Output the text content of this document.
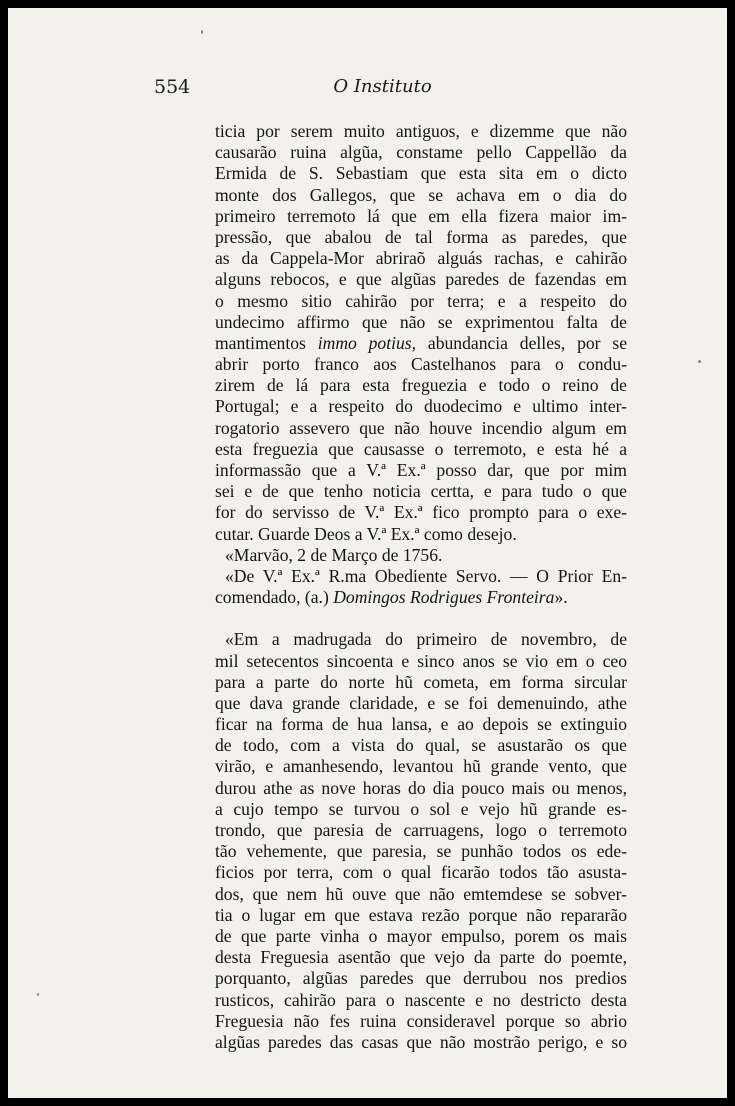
554	O Instituto
ticia por serem muito antiguos, e dizemme que não
causarão ruina algũa, constame pello Cappellão da
Ermida de S. Sebastiam que esta sita em o dicto
monte dos Gallegos, que se achava em o dia do
primeiro terremoto lá que em ella fizera maior im-
pressão, que abalou de tal forma as paredes, que
as da Cappela-Mor abriraõ alguás rachas, e cahirão
alguns rebocos, e que algũas paredes de fazendas em
o mesmo sitio cahirão por terra; e a respeito do
undecimo affirmo que não se exprimentou falta de
mantimentos immo potius, abundancia delles, por se
abrir porto franco aos Castelhanos para o condu-
zirem de lá para esta freguezia e todo o reino de
Portugal; e a respeito do duodecimo e ultimo inter-
rogatorio assevero que não houve incendio algum em
esta freguezia que causasse o terremoto, e esta hé a
informassão que a V.ª Ex.ª posso dar, que por mim
sei e de que tenho noticia certta, e para tudo o que
for do servisso de V.ª Ex.ª fico prompto para o exe-
cutar. Guarde Deos a V.ª Ex.ª como desejo.
«Marvão, 2 de Março de 1756.
«De V.ª Ex.ª R.ma Obediente Servo. — O Prior En-
comendado, (a.) Domingos Rodrigues Fronteira».
«Em a madrugada do primeiro de novembro, de
mil setecentos sincoenta e sinco anos se vio em o ceo
para a parte do norte hũ cometa, em forma sircular
que dava grande claridade, e se foi demenuindo, athe
ficar na forma de hua lansa, e ao depois se extinguio
de todo, com a vista do qual, se asustarão os que
virão, e amanhesendo, levantou hũ grande vento, que
durou athe as nove horas do dia pouco mais ou menos,
a cujo tempo se turvou o sol e vejo hũ grande es-
trondo, que paresia de carruagens, logo o terremoto
tão vehemente, que paresia, se punhão todos os ede-
ficios por terra, com o qual ficarão todos tão asusta-
dos, que nem hũ ouve que não emtemdese se sobver-
tia o lugar em que estava rezão porque não repararão
de que parte vinha o mayor empulso, porem os mais
desta Freguesia asentão que vejo da parte do poemte,
porquanto, algũas paredes que derrubou nos predios
rusticos, cahirão para o nascente e no destricto desta
Freguesia não fes ruina consideravel porque so abrio
algũas paredes das casas que não mostrão perigo, e so
